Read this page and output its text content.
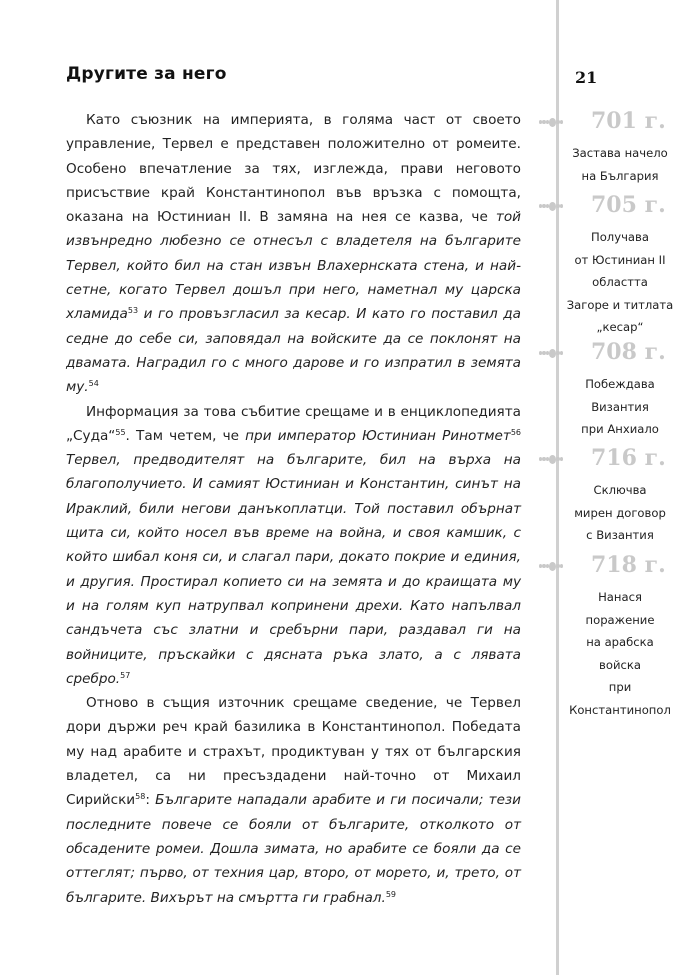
Другите за него

Като съюзник на империята, в голяма част от своето управление, Тервел е представен положително от ромеите. Особено впечатление за тях, изглежда, прави неговото присъствие край Константинопол във връзка с помощта, оказана на Юстиниан II. В замяна на нея се казва, че той извънредно любезно се отнесъл с владетеля на българите Тервел, който бил на стан извън Влахернската стена, и най-сетне, когато Тервел дошъл при него, наметнал му царска хламида$^{53}$ и го провъзгласил за кесар. И като го поставил да седне до себе си, заповядал на войските да се поклонят на двамата. Наградил го с много дарове и го изпратил в земята му.$^{54}$

Информация за това събитие срещаме и в енциклопедията „Суда“$^{55}$. Там четем, че при император Юстиниан Ринотмет$^{56}$ Тервел, предводителят на българите, бил на върха на благополучието. И самият Юстиниан и Константин, синът на Ираклий, били негови данъкоплатци. Той поставил обърнат щита си, който носел във време на война, и своя камшик, с който шибал коня си, и слагал пари, докато покрие и единия, и другия. Простирал копието си на земята и до краищата му и на голям куп натрупвал копринени дрехи. Като напълвал сандъчета със златни и сребърни пари, раздавал ги на войниците, пръскайки с дясната ръка злато, а с лявата сребро.$^{57}$

Отново в същия източник срещаме сведение, че Тервел дори държи реч край базилика в Константинопол. Победата му над арабите и страхът, продиктуван у тях от българския владетел, са ни пресъздадени най-точно от Михаил Сирийски$^{58}$: Българите нападали арабите и ги посичали; тези последните повече се бояли от българите, отколкото от обсадените ромеи. Дошла зимата, но арабите се бояли да се оттеглят; първо, от техния цар, второ, от морето, и, трето, от българите. Вихърът на смъртта ги грабнал.$^{59}$

21
701 г.
Застава начело
на България
705 г.
Получава
от Юстиниан II
областта
Загоре и титлата „кесар“
708 г.
Побеждава
Византия
при Анхиало
716 г.
Сключва
мирен договор
с Византия
718 г.
Нанася
поражение
на арабска
войска
при Константинопол
